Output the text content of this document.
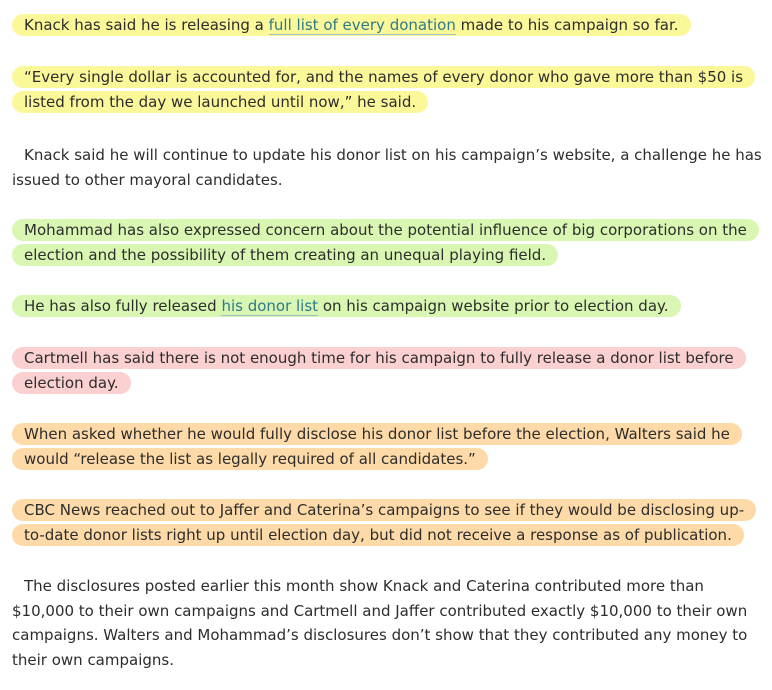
Knack has said he is releasing a full list of every donation made to his campaign so far.

“Every single dollar is accounted for, and the names of every donor who gave more than $50 is listed from the day we launched until now,” he said.

Knack said he will continue to update his donor list on his campaign’s website, a challenge he has issued to other mayoral candidates.

Mohammad has also expressed concern about the potential influence of big corporations on the election and the possibility of them creating an unequal playing field.

He has also fully released his donor list on his campaign website prior to election day.

Cartmell has said there is not enough time for his campaign to fully release a donor list before election day.

When asked whether he would fully disclose his donor list before the election, Walters said he would “release the list as legally required of all candidates.”

CBC News reached out to Jaffer and Caterina’s campaigns to see if they would be disclosing up-to-date donor lists right up until election day, but did not receive a response as of publication.

The disclosures posted earlier this month show Knack and Caterina contributed more than $10,000 to their own campaigns and Cartmell and Jaffer contributed exactly $10,000 to their own campaigns. Walters and Mohammad’s disclosures don’t show that they contributed any money to their own campaigns.
